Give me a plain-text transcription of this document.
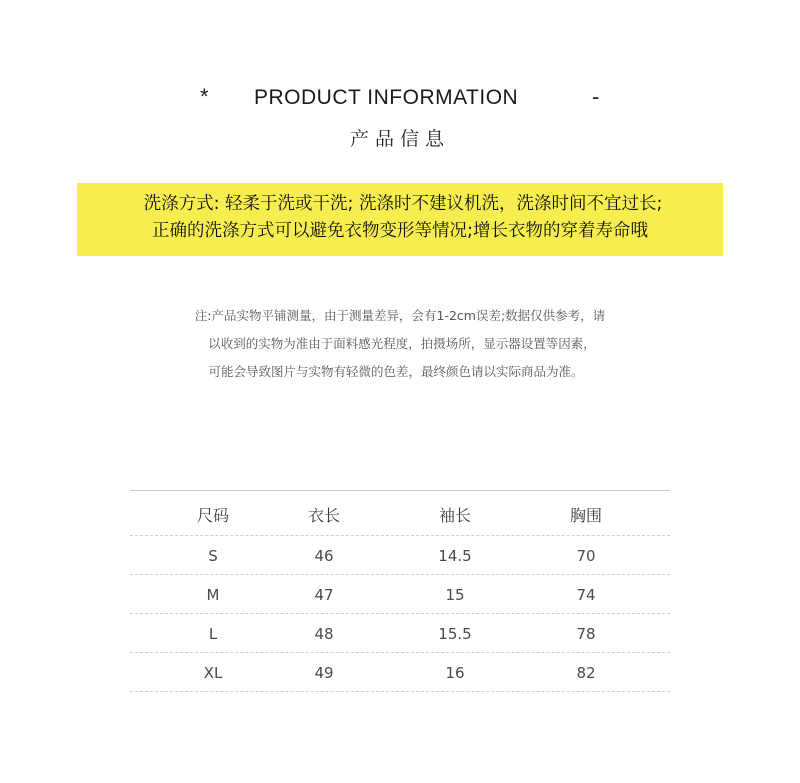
* PRODUCT INFORMATION	-
产品信息
洗涤方式: 轻柔于洗或干洗; 洗涤时不建议机洗，洗涤时间不宜过长;
正确的洗涤方式可以避免衣物变形等情况;增长衣物的穿着寿命哦
注:产品实物平铺测量，由于测量差异，会有1-2cm误差;数据仅供参考，请
以收到的实物为准由于面料感光程度，拍摄场所，显示器设置等因素，
可能会导致图片与实物有轻微的色差，最终颜色请以实际商品为准。
尺码	衣长	袖长	胸围
S	46	14.5	70
M	47	15	74
L	48	15.5	78
XL	49	16	82
